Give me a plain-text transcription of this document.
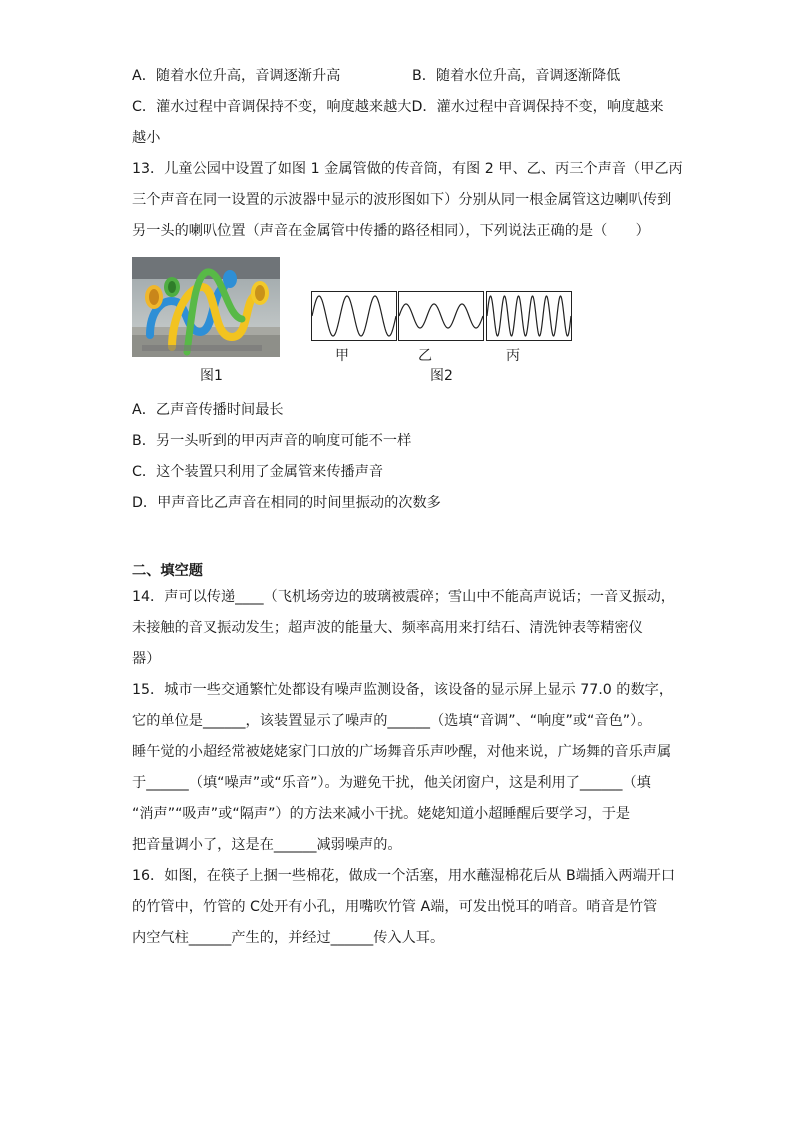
A．随着水位升高，音调逐渐升高	B．随着水位升高，音调逐渐降低
C．灌水过程中音调保持不变，响度越来越大D．灌水过程中音调保持不变，响度越来
越小
13．儿童公园中设置了如图 1 金属管做的传音筒，有图 2 甲、乙、丙三个声音（甲乙丙
三个声音在同一设置的示波器中显示的波形图如下）分别从同一根金属管这边喇叭传到
另一头的喇叭位置（声音在金属管中传播的路径相同），下列说法正确的是（　　）
甲	乙	丙
图1	图2
A．乙声音传播时间最长
B．另一头听到的甲丙声音的响度可能不一样
C．这个装置只利用了金属管来传播声音
D．甲声音比乙声音在相同的时间里振动的次数多
二、填空题
14．声可以传递____（飞机场旁边的玻璃被震碎；雪山中不能高声说话；一音叉振动，
未接触的音叉振动发生；超声波的能量大、频率高用来打结石、清洗钟表等精密仪
器）
15．城市一些交通繁忙处都设有噪声监测设备，该设备的显示屏上显示 77.0 的数字，
它的单位是______，该装置显示了噪声的______（选填“音调”、“响度”或“音色”）。
睡午觉的小超经常被姥姥家门口放的广场舞音乐声吵醒，对他来说，广场舞的音乐声属
于______（填“噪声”或“乐音”）。为避免干扰，他关闭窗户，这是利用了______（填
“消声”“吸声”或“隔声”）的方法来减小干扰。姥姥知道小超睡醒后要学习，于是
把音量调小了，这是在______减弱噪声的。
16．如图，在筷子上捆一些棉花，做成一个活塞，用水蘸湿棉花后从 B端插入两端开口
的竹管中，竹管的 C处开有小孔，用嘴吹竹管 A端，可发出悦耳的哨音。哨音是竹管
内空气柱______产生的，并经过______传入人耳。
